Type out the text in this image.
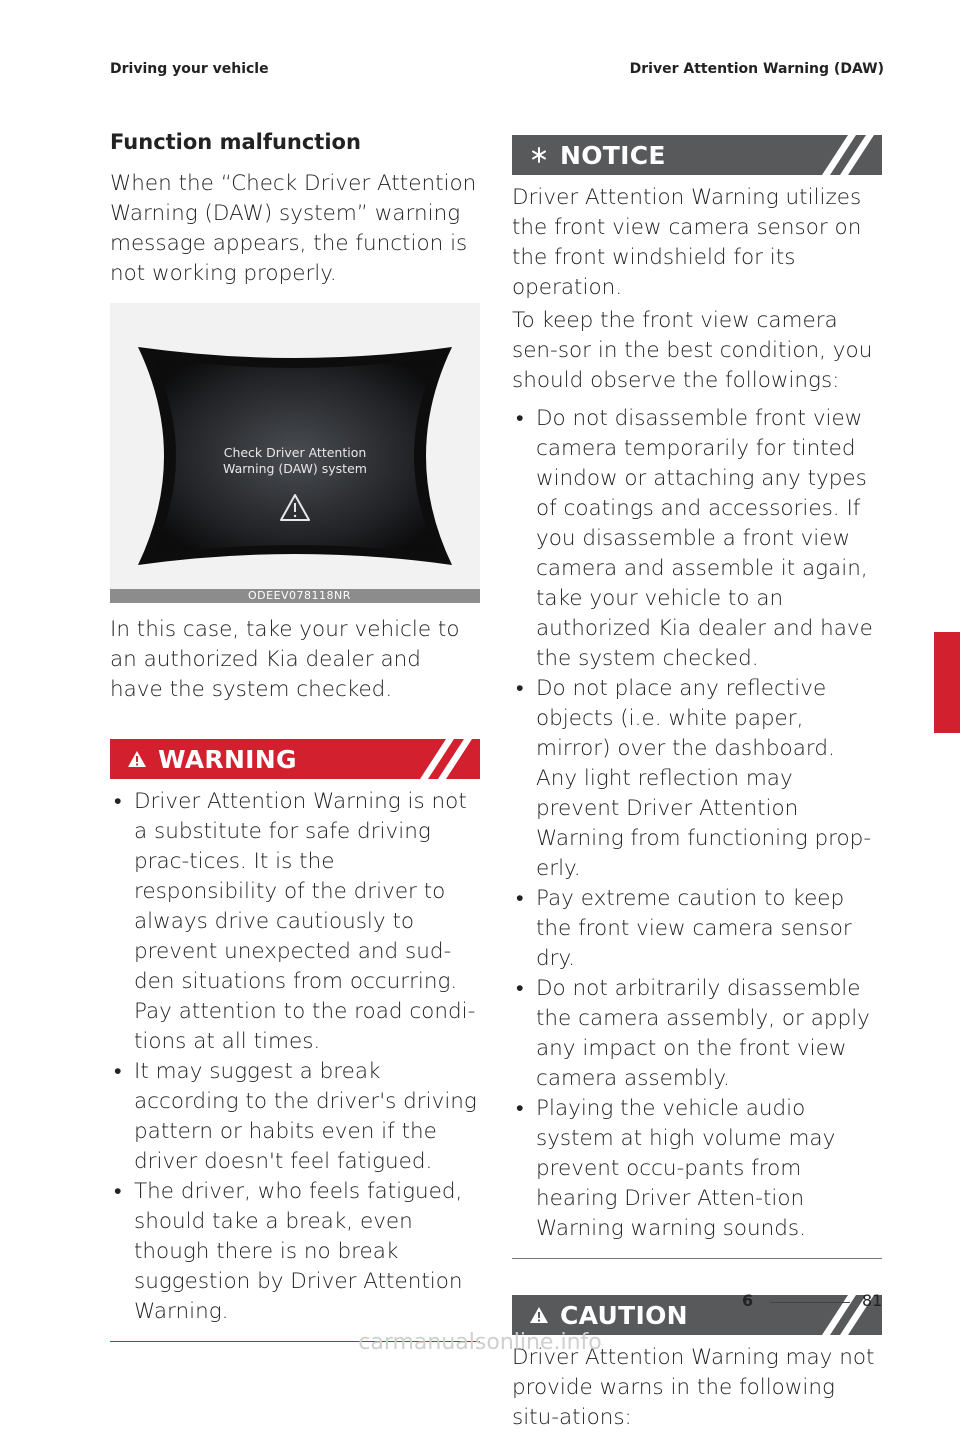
Driving your vehicle	Driver Attention Warning (DAW)
Function malfunction

When the “Check Driver Attention Warning (DAW) system” warning message appears, the function is not working properly.

Check Driver Attention
Warning (DAW) system
ODEEV078118NR

In this case, take your vehicle to an authorized Kia dealer and have the system checked.

WARNING
• Driver Attention Warning is not a substitute for safe driving prac-tices. It is the responsibility of the driver to always drive cautiously to prevent unexpected and sud-den situations from occurring. Pay attention to the road condi-tions at all times.
• It may suggest a break according to the driver's driving pattern or habits even if the driver doesn't feel fatigued.
• The driver, who feels fatigued, should take a break, even though there is no break suggestion by Driver Attention Warning.
NOTICE

Driver Attention Warning utilizes the front view camera sensor on the front windshield for its operation.

To keep the front view camera sen-sor in the best condition, you should observe the followings:

• Do not disassemble front view camera temporarily for tinted window or attaching any types of coatings and accessories. If you disassemble a front view camera and assemble it again, take your vehicle to an authorized Kia dealer and have the system checked.
• Do not place any reflective objects (i.e. white paper, mirror) over the dashboard. Any light reflection may prevent Driver Attention Warning from functioning prop-erly.
• Pay extreme caution to keep the front view camera sensor dry.
• Do not arbitrarily disassemble the camera assembly, or apply any impact on the front view camera assembly.
• Playing the vehicle audio system at high volume may prevent occu-pants from hearing Driver Atten-tion Warning warning sounds.
CAUTION

Driver Attention Warning may not provide warns in the following situ-ations:

6
6	81
carmanualsonline.info
